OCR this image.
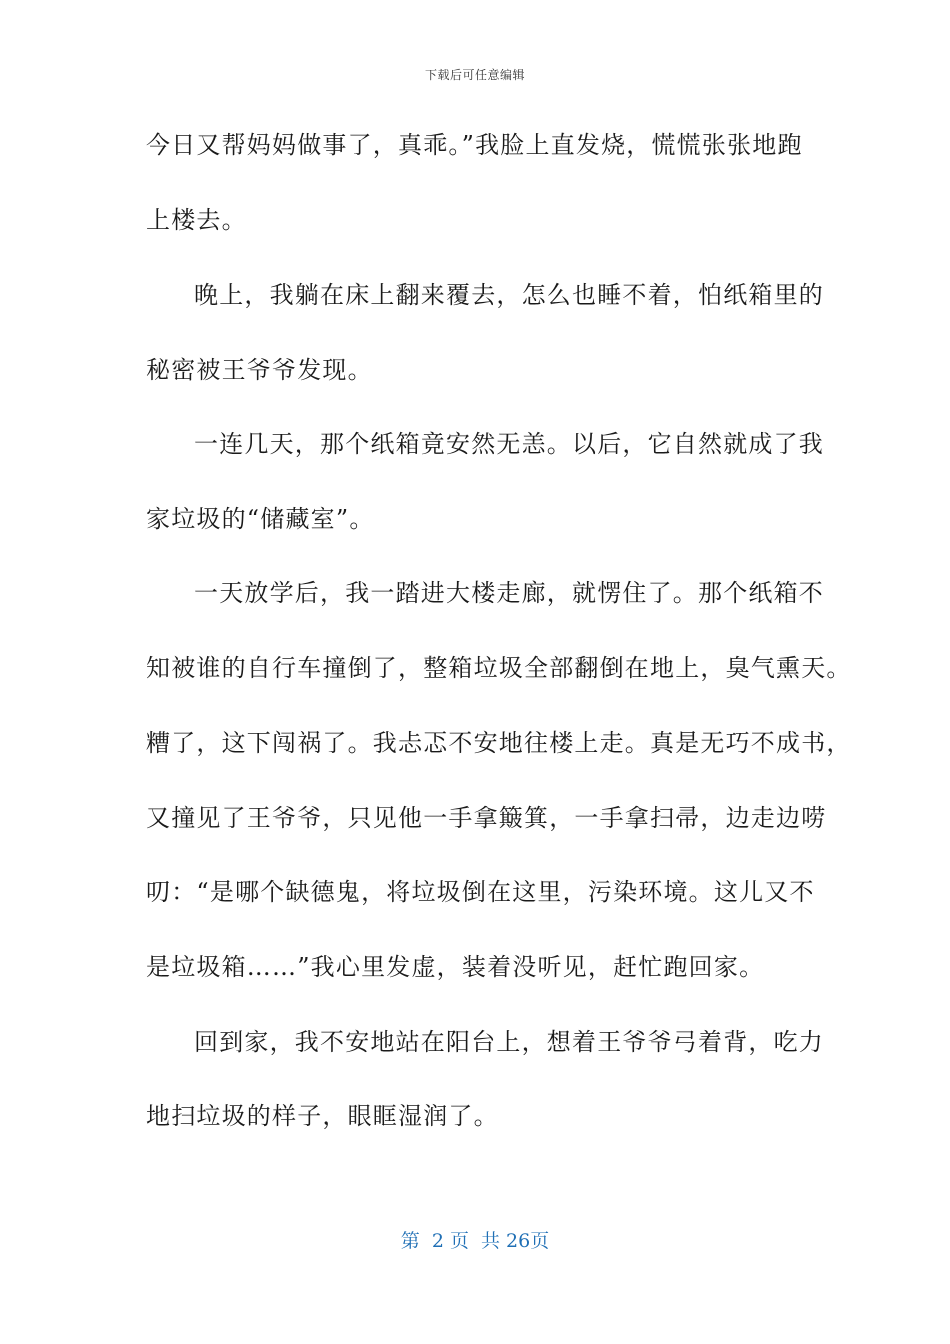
下载后可任意编辑
今日又帮妈妈做事了，真乖。”我脸上直发烧，慌慌张张地跑
上楼去。
晚上，我躺在床上翻来覆去，怎么也睡不着，怕纸箱里的
秘密被王爷爷发现。
一连几天，那个纸箱竟安然无恙。以后，它自然就成了我
家垃圾的“储藏室”。
一天放学后，我一踏进大楼走廊，就愣住了。那个纸箱不
知被谁的自行车撞倒了，整箱垃圾全部翻倒在地上，臭气熏天。
糟了，这下闯祸了。我忐忑不安地往楼上走。真是无巧不成书，
又撞见了王爷爷，只见他一手拿簸箕，一手拿扫帚，边走边唠
叨：“是哪个缺德鬼，将垃圾倒在这里，污染环境。这儿又不
是垃圾箱……”我心里发虚，装着没听见，赶忙跑回家。
回到家，我不安地站在阳台上，想着王爷爷弓着背，吃力
地扫垃圾的样子，眼眶湿润了。
第  2 页  共 26页
